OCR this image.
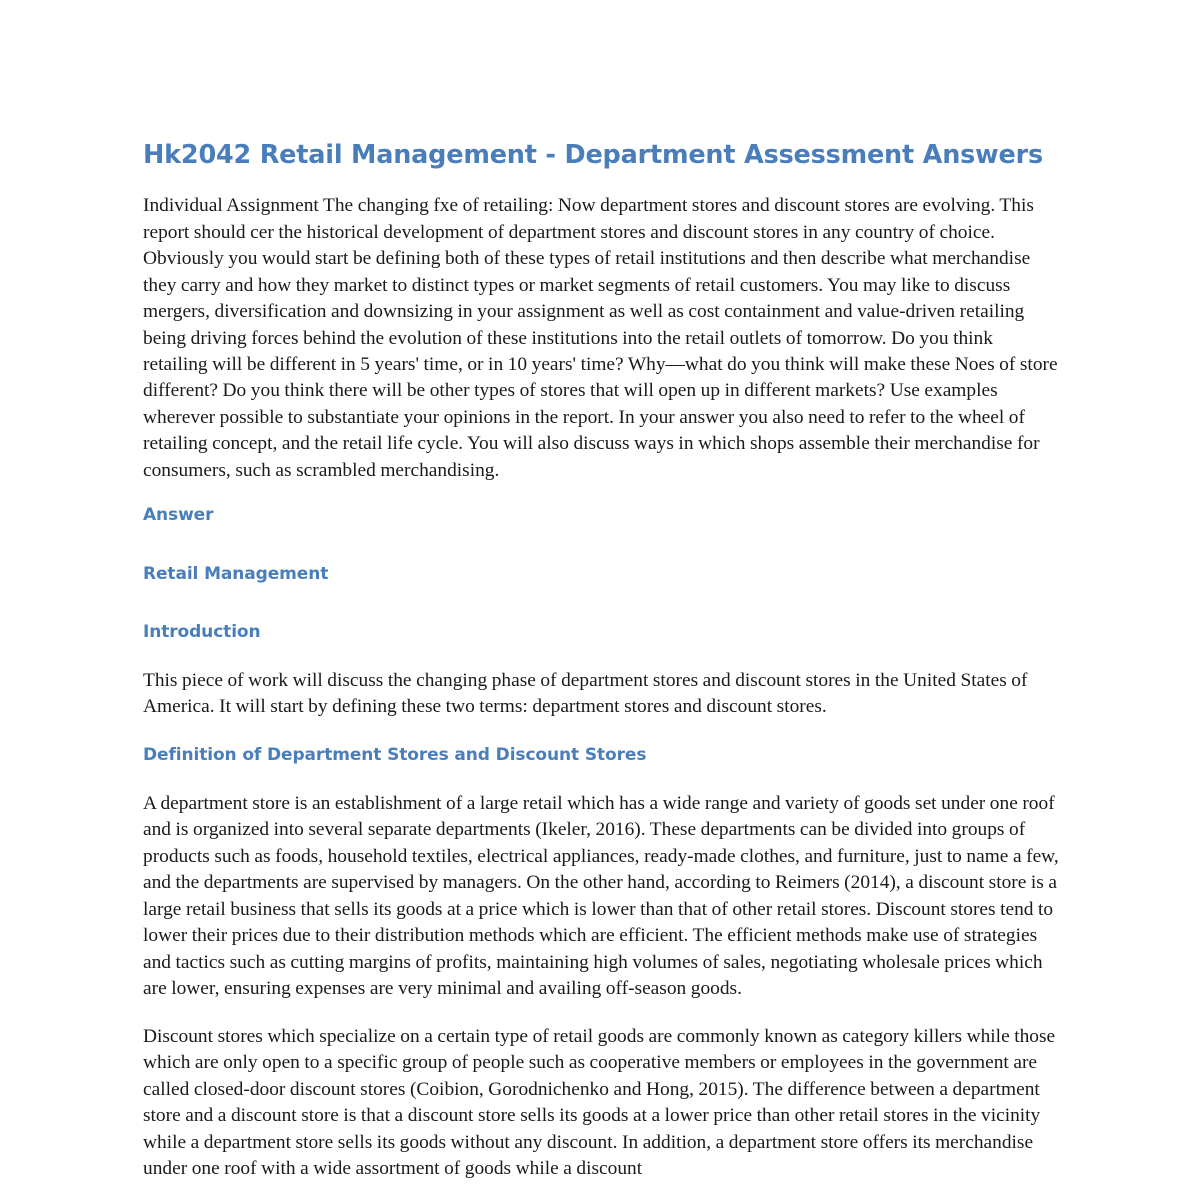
Hk2042 Retail Management - Department Assessment Answers

Individual Assignment The changing fxe of retailing: Now department stores and discount stores are evolving. This report should cer the historical development of department stores and discount stores in any country of choice. Obviously you would start be defining both of these types of retail institutions and then describe what merchandise they carry and how they market to distinct types or market segments of retail customers. You may like to discuss mergers, diversification and downsizing in your assignment as well as cost containment and value-driven retailing being driving forces behind the evolution of these institutions into the retail outlets of tomorrow. Do you think retailing will be different in 5 years' time, or in 10 years' time? Why—what do you think will make these Noes of store different? Do you think there will be other types of stores that will open up in different markets? Use examples wherever possible to substantiate your opinions in the report. In your answer you also need to refer to the wheel of retailing concept, and the retail life cycle. You will also discuss ways in which shops assemble their merchandise for consumers, such as scrambled merchandising.

Answer
Retail Management
Introduction

This piece of work will discuss the changing phase of department stores and discount stores in the United States of America. It will start by defining these two terms: department stores and discount stores.

Definition of Department Stores and Discount Stores

A department store is an establishment of a large retail which has a wide range and variety of goods set under one roof and is organized into several separate departments (Ikeler, 2016). These departments can be divided into groups of products such as foods, household textiles, electrical appliances, ready-made clothes, and furniture, just to name a few, and the departments are supervised by managers. On the other hand, according to Reimers (2014), a discount store is a large retail business that sells its goods at a price which is lower than that of other retail stores. Discount stores tend to lower their prices due to their distribution methods which are efficient. The efficient methods make use of strategies and tactics such as cutting margins of profits, maintaining high volumes of sales, negotiating wholesale prices which are lower, ensuring expenses are very minimal and availing off-season goods.

Discount stores which specialize on a certain type of retail goods are commonly known as category killers while those which are only open to a specific group of people such as cooperative members or employees in the government are called closed-door discount stores (Coibion, Gorodnichenko and Hong, 2015). The difference between a department store and a discount store is that a discount store sells its goods at a lower price than other retail stores in the vicinity while a department store sells its goods without any discount. In addition, a department store offers its merchandise under one roof with a wide assortment of goods while a discount
